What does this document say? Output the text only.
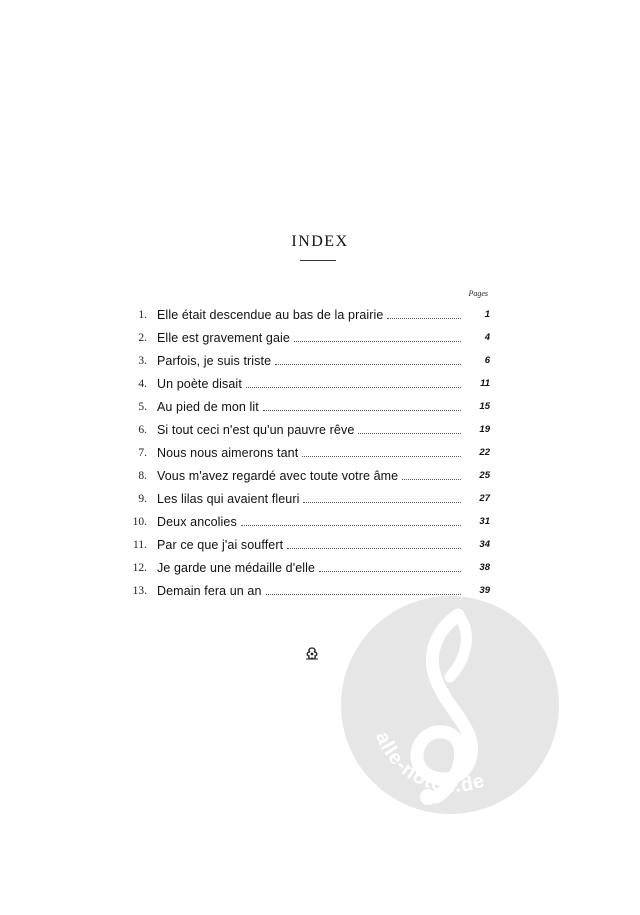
INDEX
Pages
1. Elle était descendue au bas de la prairie	1
2. Elle est gravement gaie	4
3. Parfois, je suis triste	6
4. Un poète disait	11
5. Au pied de mon lit	15
6. Si tout ceci n'est qu'un pauvre rêve	19
7. Nous nous aimerons tant	22
8. Vous m'avez regardé avec toute votre âme	25
9. Les lilas qui avaient fleuri	27
10. Deux ancolies	31
11. Par ce que j'ai souffert	34
12. Je garde une médaille d'elle	38
13. Demain fera un an	39
alle-noten.de
